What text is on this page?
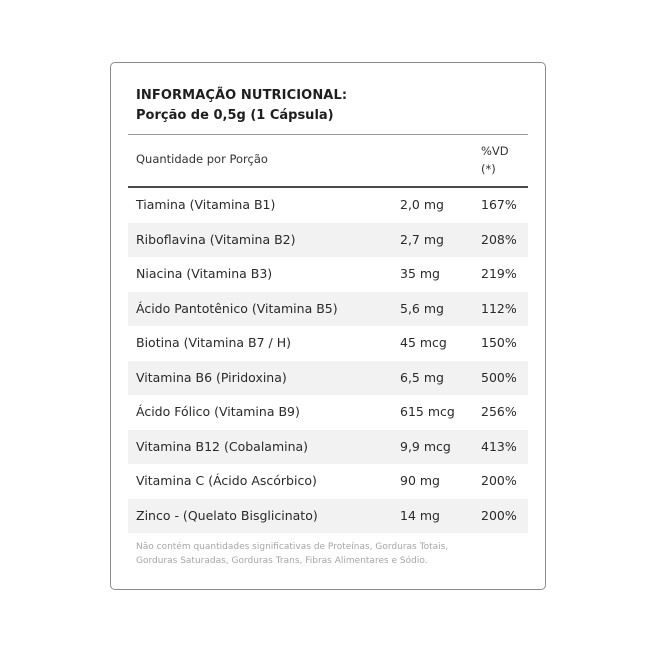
INFORMAÇÃO NUTRICIONAL:
Porção de 0,5g (1 Cápsula)
Quantidade por Porção
%VD
(*)
Tiamina (Vitamina B1)	2,0 mg	167%
Riboflavina (Vitamina B2)	2,7 mg	208%
Niacina (Vitamina B3)	35 mg	219%
Ácido Pantotênico (Vitamina B5)	5,6 mg	112%
Biotina (Vitamina B7 / H)	45 mcg	150%
Vitamina B6 (Piridoxina)	6,5 mg	500%
Ácido Fólico (Vitamina B9)	615 mcg 256%
Vitamina B12 (Cobalamina)	9,9 mcg 413%
Vitamina C (Ácido Ascórbico)	90 mg	200%
Zinco - (Quelato Bisglicinato)	14 mg	200%
Não contém quantidades significativas de Proteínas, Gorduras Totais,
Gorduras Saturadas, Gorduras Trans, Fibras Alimentares e Sódio.
